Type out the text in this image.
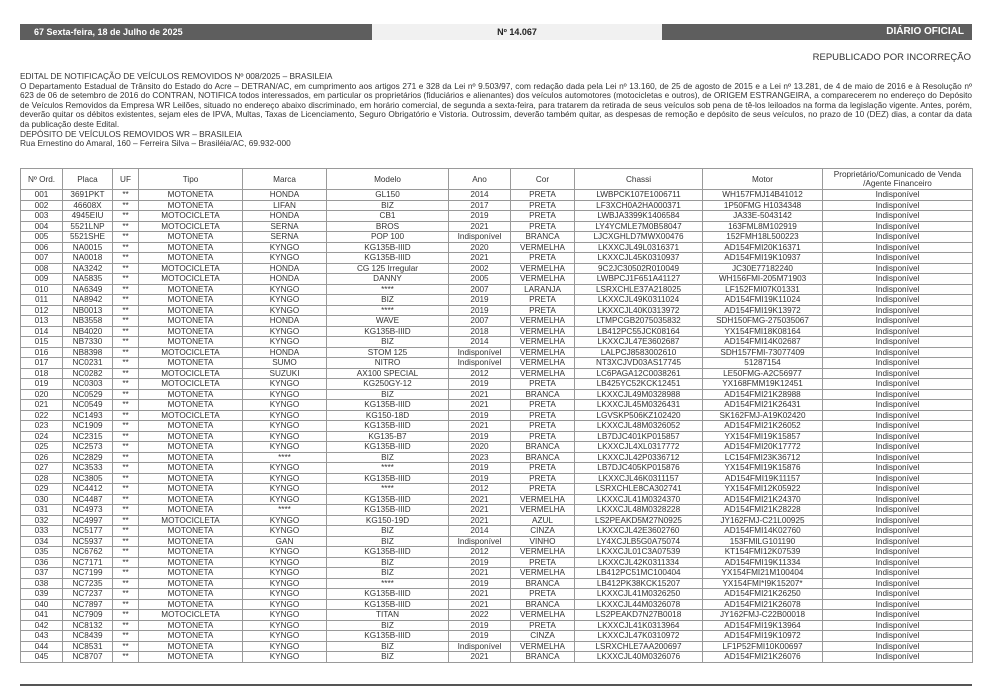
67 Sexta-feira, 18 de Julho de 2025	Nº 14.067	DIÁRIO OFICIAL
REPUBLICADO POR INCORREÇÃO

EDITAL DE NOTIFICAÇÃO DE VEÍCULOS REMOVIDOS Nº 008/2025 – BRASILEIA

O Departamento Estadual de Trânsito do Estado do Acre – DETRAN/AC, em cumprimento aos artigos 271 e 328 da Lei nº 9.503/97, com redação dada pela Lei nº 13.160, de 25 de agosto de 2015 e a Lei nº 13.281, de 4 de maio de 2016 e à Resolução nº 623 de 06 de setembro de 2016 do CONTRAN, NOTIFICA todos interessados, em particular os proprietários (fiduciários e alienantes) dos veículos automotores (motocicletas e outros), de ORIGEM ESTRANGEIRA, a comparecerem no endereço do Depósito de Veículos Removidos da Empresa WR Leilões, situado no endereço abaixo discriminado, em horário comercial, de segunda a sexta-feira, para tratarem da retirada de seus veículos sob pena de tê-los leiloados na forma da legislação vigente. Antes, porém, deverão quitar os débitos existentes, sejam eles de IPVA, Multas, Taxas de Licenciamento, Seguro Obrigatório e Vistoria. Outrossim, deverão também quitar, as despesas de remoção e depósito de seus veículos, no prazo de 10 (DEZ) dias, a contar da data da publicação deste Edital.

DEPÓSITO DE VEÍCULOS REMOVIDOS WR – BRASILEIA

Rua Ernestino do Amaral, 160 – Ferreira Silva – Brasiléia/AC, 69.932-000

Nº Ord.	Placa	UF	Tipo	Marca	Modelo	Ano	Cor	Chassi	Motor	Proprietário/Comunicado de Venda /Agente Financeiro
001	3691PKT	**	MOTONETA	HONDA	GL150	2014	PRETA	LWBPCK107E1006711	WH157FMJ14B41012	Indisponível
002	46608X	**	MOTONETA	LIFAN	BIZ	2017	PRETA	LF3XCH0A2HA000371	1P50FMG H1034348	Indisponível
003	4945EIU	**	MOTOCICLETA	HONDA	CB1	2019	PRETA	LWBJA3399K1406584	JA33E-5043142	Indisponível
004	5521LNP	**	MOTOCICLETA	SERNA	BROS	2021	PRETA	LY4YCMLE7M0B58047	163FML8M102919	Indisponível
005	5521SHE	**	MOTONETA	SERNA	POP 100	Indisponível	BRANCA	LJCXGHLD7MWX00476	152FMH18L500223	Indisponível
006	NA0015	**	MOTONETA	KYNGO	KG135B-IIID	2020	VERMELHA	LKXXCJL49L0316371	AD154FMI20K16371	Indisponível
007	NA0018	**	MOTONETA	KYNGO	KG135B-IIID	2021	PRETA	LKXXCJL45K0310937	AD154FMI19K10937	Indisponível
008	NA3242	**	MOTOCICLETA	HONDA	CG 125 Irregular	2002	VERMELHA	9C2JC30502R010049	JC30E77182240	Indisponível
009	NA5835	**	MOTOCICLETA	HONDA	DANNY	2005	VERMELHA	LWBPCJ1F651A41127	WH156FMI-205M71903	Indisponível
010	NA6349	**	MOTONETA	KYNGO	****	2007	LARANJA	LSRXCHLE37A218025	LF152FMI07K01331	Indisponível
011	NA8942	**	MOTONETA	KYNGO	BIZ	2019	PRETA	LKXXCJL49K0311024	AD154FMI19K11024	Indisponível
012	NB0013	**	MOTONETA	KYNGO	****	2019	PRETA	LKXXCJL40K0313972	AD154FMI19K13972	Indisponível
013	NB3558	**	MOTONETA	HONDA	WAVE	2007	VERMELHA	LTMPCGB2075035832	SDH150FMG-275035067	Indisponível
014	NB4020	**	MOTONETA	KYNGO	KG135B-IIID	2018	VERMELHA	LB412PC55JCK08164	YX154FMI18K08164	Indisponível
015	NB7330	**	MOTONETA	KYNGO	BIZ	2014	VERMELHA	LKXXCJL47E3602687	AD154FMI14K02687	Indisponível
016	NB8398	**	MOTOCICLETA	HONDA	STOM 125	Indisponível	VERMELHA	LALPCJ8583002610	SDH157FMI-73077409	Indisponível
017	NC0231	**	MOTONETA	SUMO	NITRO	Indisponível	VERMELHA	NT3XCJVD03AS17745	51287154	Indisponível
018	NC0282	**	MOTOCICLETA	SUZUKI	AX100 SPECIAL	2012	VERMELHA	LC6PAGA12C0038261	LE50FMG-A2C56977	Indisponível
019	NC0303	**	MOTOCICLETA	KYNGO	KG250GY-12	2019	PRETA	LB425YC52KCK12451	YX168FMM19K12451	Indisponível
020	NC0529	**	MOTONETA	KYNGO	BIZ	2021	BRANCA	LKXXCJL49M0328988	AD154FMI21K28988	Indisponível
021	NC0549	**	MOTONETA	KYNGO	KG135B-IIID	2021	PRETA	LKXXCJL45M0326431	AD154FMI21K26431	Indisponível
022	NC1493	**	MOTOCICLETA	KYNGO	KG150-18D	2019	PRETA	LGVSKP506KZ102420	SK162FMJ-A19K02420	Indisponível
023	NC1909	**	MOTONETA	KYNGO	KG135B-IIID	2021	PRETA	LKXXCJL48M0326052	AD154FMI21K26052	Indisponível
024	NC2315	**	MOTONETA	KYNGO	KG135-B7	2019	PRETA	LB7DJC401KP015857	YX154FMI19K15857	Indisponível
025	NC2573	**	MOTONETA	KYNGO	KG135B-IIID	2020	BRANCA	LKXXCJL4XL0317772	AD154FMI20K17772	Indisponível
026	NC2829	**	MOTONETA	****	BIZ	2023	BRANCA	LKXXCJL42P0336712	LC154FMI23K36712	Indisponível
027	NC3533	**	MOTONETA	KYNGO	****	2019	PRETA	LB7DJC405KP015876	YX154FMI19K15876	Indisponível
028	NC3805	**	MOTONETA	KYNGO	KG135B-IIID	2019	PRETA	LKXXCJL46K0311157	AD154FMI19K11157	Indisponível
029	NC4412	**	MOTONETA	KYNGO	****	2012	PRETA	LSRXCHLE8CA302741	YX154FMI12K05922	Indisponível
030	NC4487	**	MOTONETA	KYNGO	KG135B-IIID	2021	VERMELHA	LKXXCJL41M0324370	AD154FMI21K24370	Indisponível
031	NC4973	**	MOTONETA	****	KG135B-IIID	2021	VERMELHA	LKXXCJL48M0328228	AD154FMI21K28228	Indisponível
032	NC4997	**	MOTOCICLETA	KYNGO	KG150-19D	2021	AZUL	LS2PEAKD5M27N0925	JY162FMJ-C21L00925	Indisponível
033	NC5177	**	MOTONETA	KYNGO	BIZ	2014	CINZA	LKXXCJL42E3602760	AD154FMI14K02760	Indisponível
034	NC5937	**	MOTONETA	GAN	BIZ	Indisponível	VINHO	LY4XCJLB5G0A75074	153FMILG101190	Indisponível
035	NC6762	**	MOTONETA	KYNGO	KG135B-IIID	2012	VERMELHA	LKXXCJL01C3A07539	KT154FMI12K07539	Indisponível
036	NC7171	**	MOTONETA	KYNGO	BIZ	2019	PRETA	LKXXCJL42K0311334	AD154FMI19K11334	Indisponível
037	NC7199	**	MOTONETA	KYNGO	BIZ	2021	VERMELHA	LB412PC51MC100404	YX154FMI21M100404	Indisponível
038	NC7235	**	MOTONETA	KYNGO	****	2019	BRANCA	LB412PK38KCK15207	YX154FMI*I9K15207*	Indisponível
039	NC7237	**	MOTONETA	KYNGO	KG135B-IIID	2021	PRETA	LKXXCJL41M0326250	AD154FMI21K26250	Indisponível
040	NC7897	**	MOTONETA	KYNGO	KG135B-IIID	2021	BRANCA	LKXXCJL44M0326078	AD154FMI21K26078	Indisponível
041	NC7909	**	MOTOCICLETA	KYNGO	TITAN	2022	VERMELHA	LS2PEAKD7N27B0018	JY162FMJ-C22B00018	Indisponível
042	NC8132	**	MOTONETA	KYNGO	BIZ	2019	PRETA	LKXXCJL41K0313964	AD154FMI19K13964	Indisponível
043	NC8439	**	MOTONETA	KYNGO	KG135B-IIID	2019	CINZA	LKXXCJL47K0310972	AD154FMI19K10972	Indisponível
044	NC8531	**	MOTONETA	KYNGO	BIZ	Indisponível	VERMELHA	LSRXCHLE7AA200697	LF1P52FMI10K00697	Indisponível
045	NC8707	**	MOTONETA	KYNGO	BIZ	2021	BRANCA	LKXXCJL40M0326076	AD154FMI21K26076	Indisponível
